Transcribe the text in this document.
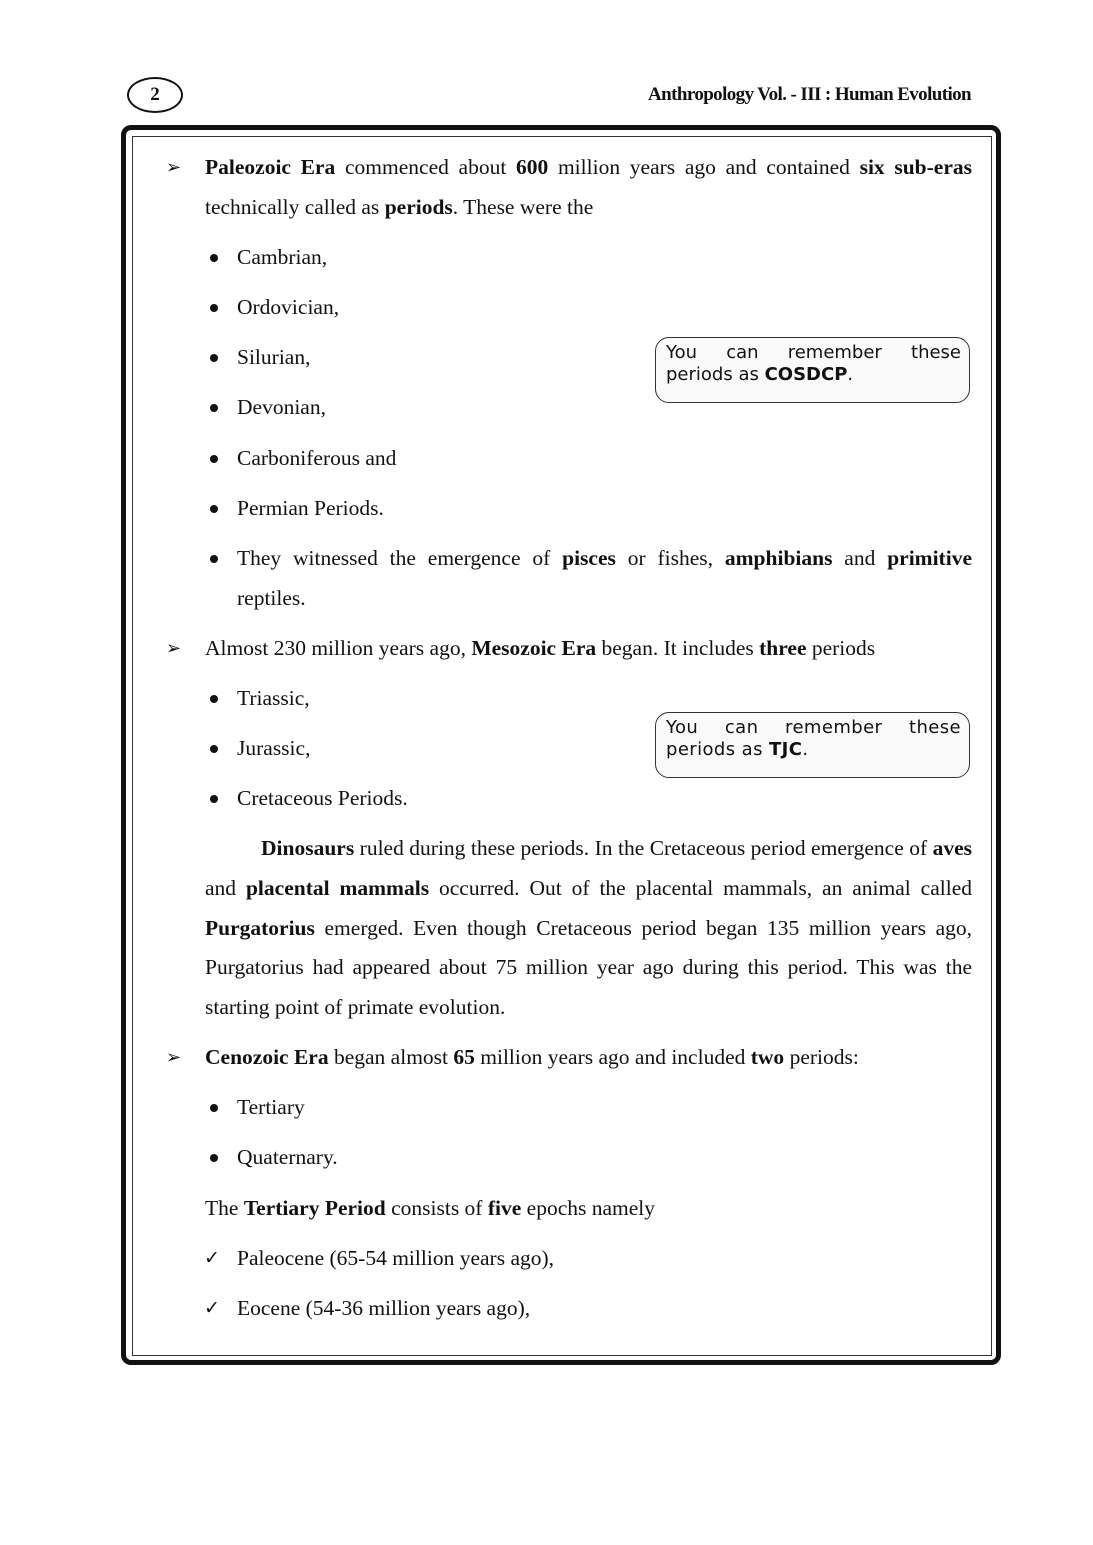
2	Anthropology Vol. - III : Human Evolution
➢ Paleozoic Era commenced about 600 million years ago and contained six sub-eras technically called as periods. These were the
Cambrian,
Ordovician,
Silurian,
Devonian,
Carboniferous and
Permian Periods.
They witnessed the emergence of pisces or fishes, amphibians and primitive reptiles.
➢ Almost 230 million years ago, Mesozoic Era began. It includes three periods
Triassic,
Jurassic,
Cretaceous Periods.
Dinosaurs ruled during these periods. In the Cretaceous period emergence of aves and placental mammals occurred. Out of the placental mammals, an animal called Purgatorius emerged. Even though Cretaceous period began 135 million years ago, Purgatorius had appeared about 75 million year ago during this period. This was the starting point of primate evolution.
➢ Cenozoic Era began almost 65 million years ago and included two periods:
Tertiary
Quaternary.
The Tertiary Period consists of five epochs namely
✓ Paleocene (65-54 million years ago),
✓ Eocene (54-36 million years ago),
You can remember these periods as COSDCP.
You can remember these periods as TJC.
